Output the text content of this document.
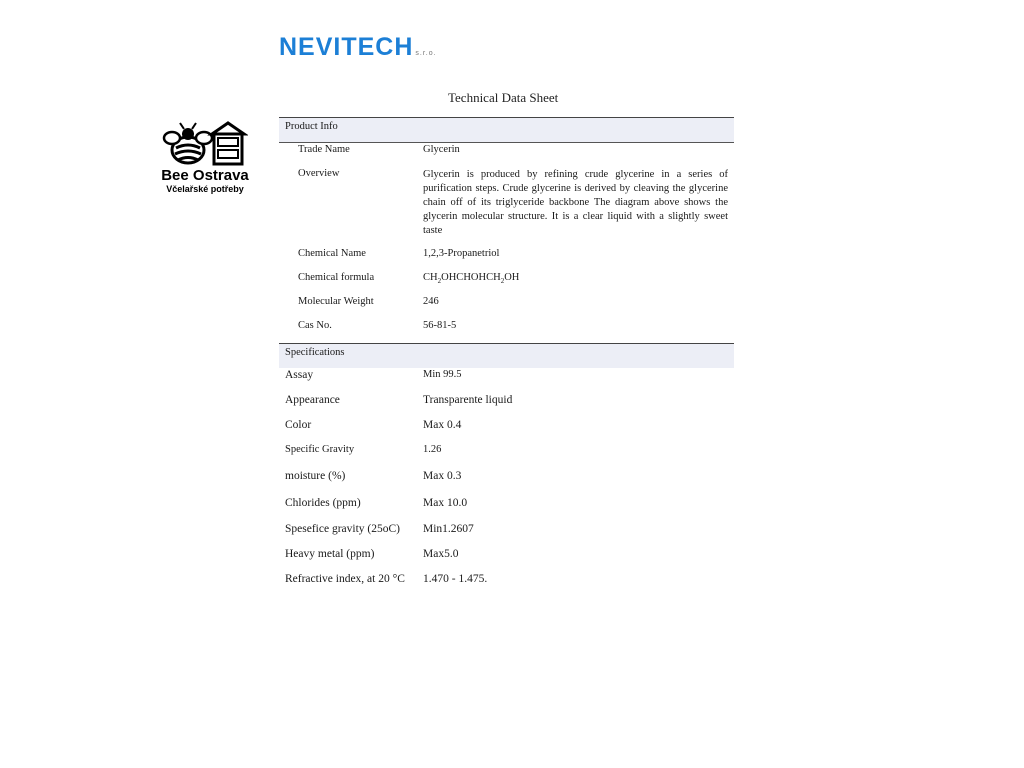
NEVITECH s.r.o.
Bee Ostrava
Včelařské potřeby
Technical Data Sheet
Product Info
Trade Name	Glycerin
Overview	Glycerin is produced by refining crude glycerine in a series of purification steps. Crude glycerine is derived by cleaving the glycerine chain off of its triglyceride backbone The diagram above shows the glycerin molecular structure. It is a clear liquid with a slightly sweet taste
Chemical Name	1,2,3-Propanetriol
Chemical formula	$CH_2OHCHOHCH_2OH$
Molecular Weight	246
Cas No.	56-81-5
Specifications
Assay	Min 99.5
Appearance	Transparente liquid
Color	Max 0.4
Specific Gravity	1.26
moisture (%)	Max 0.3
Chlorides (ppm)	Max 10.0
Spesefice gravity (25oC) Min1.2607
Heavy metal (ppm)	Max5.0
Refractive index, at 20 °C 1.470 - 1.475.
